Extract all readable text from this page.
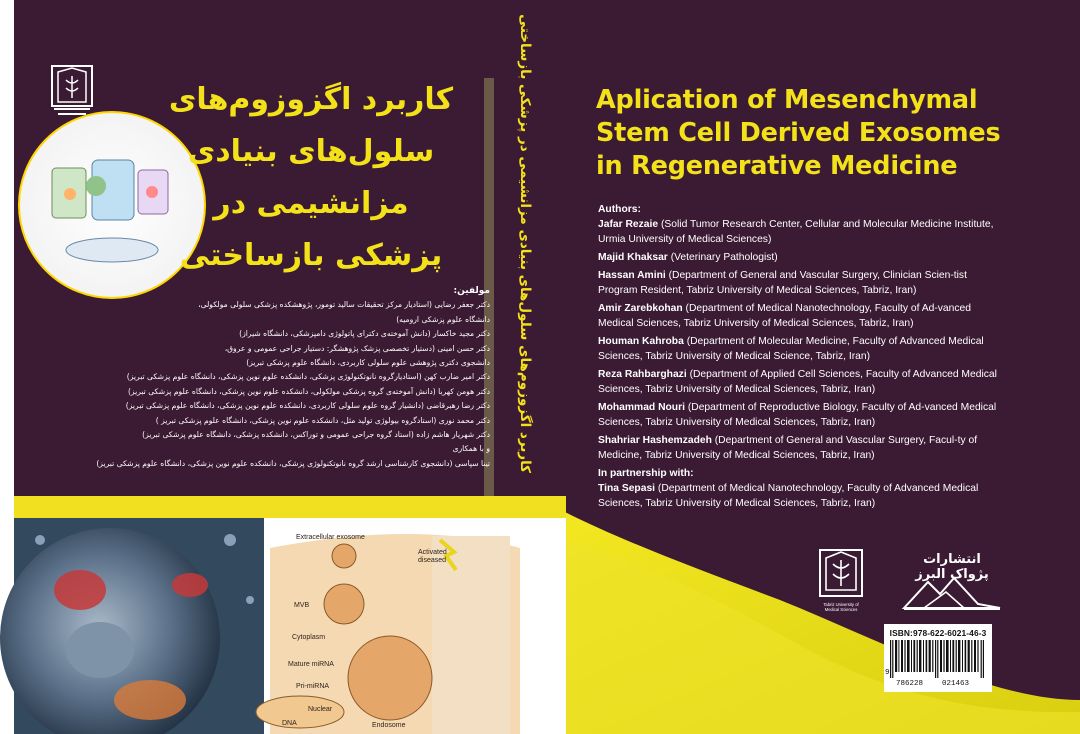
Aplication of Mesenchymal
Stem Cell Derived Exosomes
in Regenerative Medicine
Authors:
Jafar Rezaie (Solid Tumor Research Center, Cellular and Molecular Medicine Institute, Urmia University of Medical Sciences)
Majid Khaksar (Veterinary Pathologist)
Hassan Amini (Department of General and Vascular Surgery, Clinician Scien-tist Program Resident, Tabriz University of Medical Sciences, Tabriz, Iran)
Amir Zarebkohan (Department of Medical Nanotechnology, Faculty of Ad-vanced Medical Sciences, Tabriz University of Medical Sciences, Tabriz, Iran)
Houman Kahroba (Department of Molecular Medicine, Faculty of Advanced Medical Sciences, Tabriz University of Medical Science, Tabriz, Iran)
Reza Rahbarghazi (Department of Applied Cell Sciences, Faculty of Advanced Medical Sciences, Tabriz University of Medical Sciences, Tabriz, Iran)
Mohammad Nouri (Department of Reproductive Biology, Faculty of Ad-vanced Medical Sciences, Tabriz University of Medical Sciences, Tabriz, Iran)
Shahriar Hashemzadeh (Department of General and Vascular Surgery, Facul-ty of Medicine, Tabriz University of Medical Sciences, Tabriz, Iran)
In partnership with:
Tina Sepasi (Department of Medical Nanotechnology, Faculty of Advanced Medical Sciences, Tabriz University of Medical Sciences, Tabriz, Iran)
Tabriz University of Medical Sciences
انتشارات پژواک البرز
ISBN:978-622-6021-46-3
9
786228	021463
کاربرد اگزوزوم‌های سلول‌های بنیادی مزانشیمی در پزشکی بازساختی
کاربرد اگزوزوم‌های
سلول‌های بنیادی
مزانشیمی در
پزشکی بازساختی
مولفین:
دکتر جعفر رضایی (استادیار مرکز تحقیقات سالید تومور، پژوهشکده پزشکی سلولی مولکولی،
دانشگاه علوم پزشکی ارومیه)
دکتر مجید خاکسار (دانش آموخته‌ی دکترای پاتولوژی دامپزشکی، دانشگاه شیراز)
دکتر حسن امینی (دستیار تخصصی پزشک پژوهشگر: دستیار جراحی عمومی و عروق،
دانشجوی دکتری پژوهشی علوم سلولی کاربردی، دانشگاه علوم پزشکی تبریز)
دکتر امیر ضارب کهن (استادیارگروه نانوتکنولوژی پزشکی، دانشکده علوم نوین پزشکی، دانشگاه علوم پزشکی تبریز)
دکتر هومن کهربا (دانش آموخته‌ی گروه پزشکی مولکولی، دانشکده علوم نوین پزشکی، دانشگاه علوم پزشکی تبریز)
دکتر رضا رهبرقاضی (دانشیار گروه علوم سلولی کاربردی، دانشکده علوم نوین پزشکی، دانشگاه علوم پزشکی تبریز)
دکتر محمد نوری (استادگروه بیولوژی تولید مثل، دانشکده علوم نوین پزشکی، دانشگاه علوم پزشکی تبریز )
دکتر شهریار هاشم زاده (استاد گروه جراحی عمومی و توراکس، دانشکده پزشکی، دانشگاه علوم پزشکی تبریز)
و با همکاری
تینا سپاسی (دانشجوی کارشناسی ارشد گروه نانوتکنولوژی پزشکی، دانشکده علوم نوین پزشکی، دانشگاه علوم پزشکی تبریز)
Extracellular exosome
Activated diseased
MVB
Cytoplasm
Mature miRNA
Pri-miRNA
Nuclear
DNA	Endosome
